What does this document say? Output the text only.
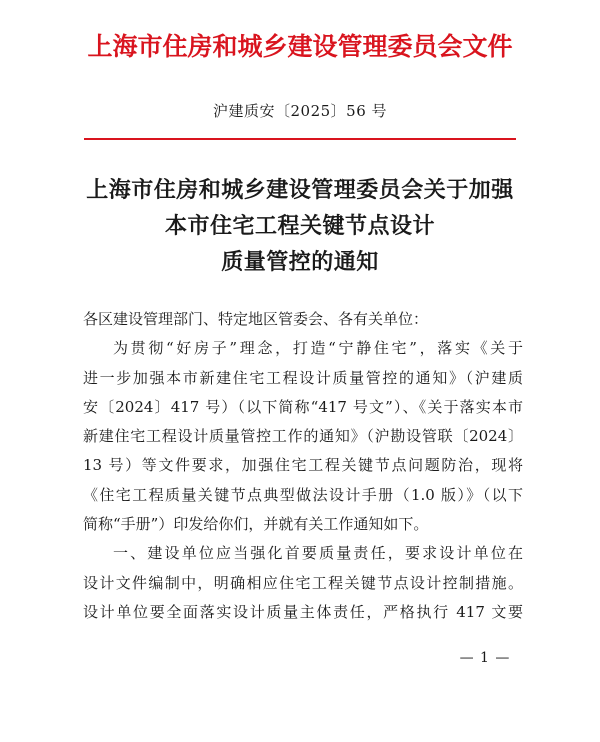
上海市住房和城乡建设管理委员会文件
沪建质安〔2025〕56 号
上海市住房和城乡建设管理委员会关于加强
本市住宅工程关键节点设计
质量管控的通知

各区建设管理部门、特定地区管委会、各有关单位：

为贯彻“好房子”理念，打造“宁静住宅”，落实《关于
进一步加强本市新建住宅工程设计质量管控的通知》（沪建质
安〔2024〕417 号）（以下简称“417 号文”）、《关于落实本市
新建住宅工程设计质量管控工作的通知》（沪勘设管联〔2024〕
13 号）等文件要求，加强住宅工程关键节点问题防治，现将
《住宅工程质量关键节点典型做法设计手册（1.0 版）》（以下
简称“手册”）印发给你们，并就有关工作通知如下。

一、建设单位应当强化首要质量责任，要求设计单位在
设计文件编制中，明确相应住宅工程关键节点设计控制措施。
设计单位要全面落实设计质量主体责任，严格执行 417 文要

— 1 —
